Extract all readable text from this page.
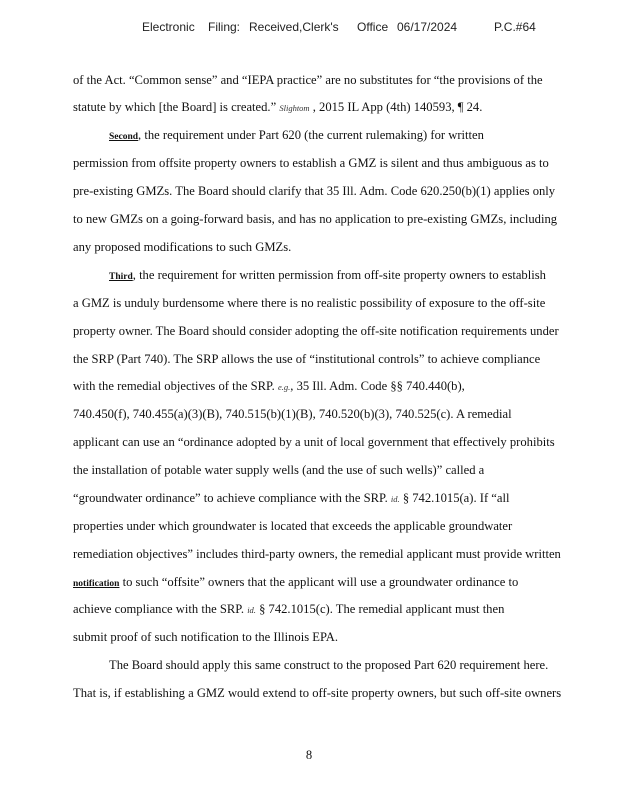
Electronic Filing: Received,Clerk's Office 06/17/2024	P.C.#64
of the Act. “Common sense” and “IEPA practice” are no substitutes for “the provisions of the
statute by which [the Board] is created.” Slightom , 2015 IL App (4th) 140593, ¶ 24.
Second, the requirement under Part 620 (the current rulemaking) for written
permission from offsite property owners to establish a GMZ is silent and thus ambiguous as to
pre-existing GMZs. The Board should clarify that 35 Ill. Adm. Code 620.250(b)(1) applies only
to new GMZs on a going-forward basis, and has no application to pre-existing GMZs, including
any proposed modifications to such GMZs.
Third, the requirement for written permission from off-site property owners to establish
a GMZ is unduly burdensome where there is no realistic possibility of exposure to the off-site
property owner. The Board should consider adopting the off-site notification requirements under
the SRP (Part 740). The SRP allows the use of “institutional controls” to achieve compliance
with the remedial objectives of the SRP. e.g., 35 Ill. Adm. Code §§ 740.440(b),
740.450(f), 740.455(a)(3)(B), 740.515(b)(1)(B), 740.520(b)(3), 740.525(c). A remedial
applicant can use an “ordinance adopted by a unit of local government that effectively prohibits
the installation of potable water supply wells (and the use of such wells)” called a
“groundwater ordinance” to achieve compliance with the SRP. id. § 742.1015(a). If “all
properties under which groundwater is located that exceeds the applicable groundwater
remediation objectives” includes third-party owners, the remedial applicant must provide written
notification to such “offsite” owners that the applicant will use a groundwater ordinance to
achieve compliance with the SRP. id. § 742.1015(c). The remedial applicant must then
submit proof of such notification to the Illinois EPA.
The Board should apply this same construct to the proposed Part 620 requirement here.
That is, if establishing a GMZ would extend to off-site property owners, but such off-site owners
8
